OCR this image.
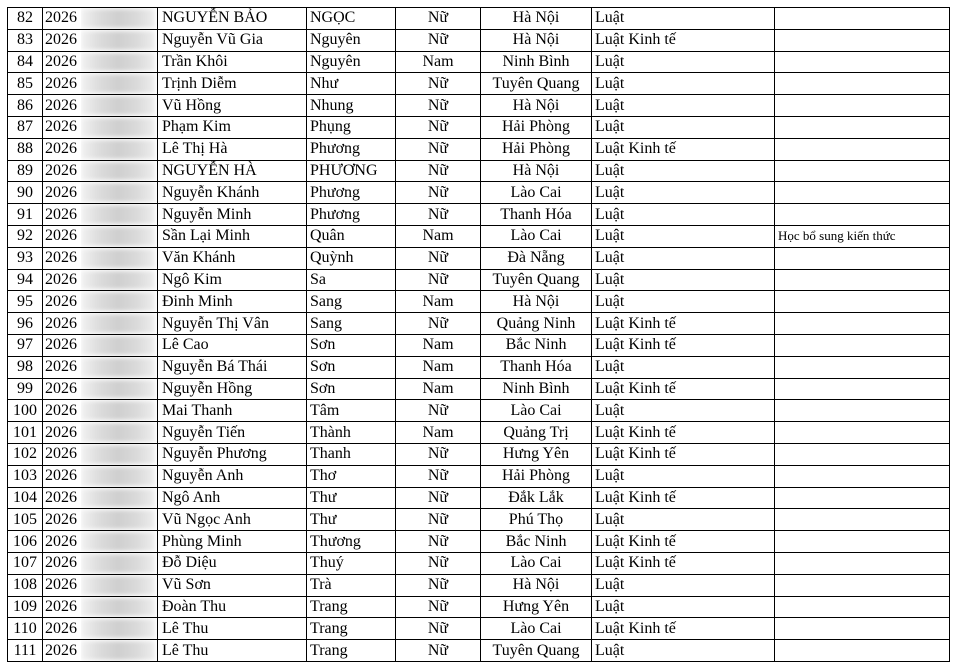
82	2026		NGUYỄN BẢO	NGỌC	Nữ	Hà Nội	Luật	
83	2026		Nguyễn Vũ Gia	Nguyên	Nữ	Hà Nội	Luật Kinh tế	
84	2026		Trần Khôi	Nguyên	Nam	Ninh Bình	Luật	
85	2026		Trịnh Diễm	Như	Nữ	Tuyên Quang	Luật	
86	2026		Vũ Hồng	Nhung	Nữ	Hà Nội	Luật	
87	2026		Phạm Kim	Phụng	Nữ	Hải Phòng	Luật	
88	2026		Lê Thị Hà	Phương	Nữ	Hải Phòng	Luật Kinh tế	
89	2026		NGUYỄN HÀ	PHƯƠNG	Nữ	Hà Nội	Luật	
90	2026		Nguyễn Khánh	Phương	Nữ	Lào Cai	Luật	
91	2026		Nguyễn Minh	Phương	Nữ	Thanh Hóa	Luật	
92	2026		Sần Lại Minh	Quân	Nam	Lào Cai	Luật	Học bổ sung kiến thức
93	2026		Văn Khánh	Quỳnh	Nữ	Đà Nẵng	Luật	
94	2026		Ngô Kim	Sa	Nữ	Tuyên Quang	Luật	
95	2026		Đinh Minh	Sang	Nam	Hà Nội	Luật	
96	2026		Nguyễn Thị Vân	Sang	Nữ	Quảng Ninh	Luật Kinh tế	
97	2026		Lê Cao	Sơn	Nam	Bắc Ninh	Luật Kinh tế	
98	2026		Nguyễn Bá Thái	Sơn	Nam	Thanh Hóa	Luật	
99	2026		Nguyễn Hồng	Sơn	Nam	Ninh Bình	Luật Kinh tế	
100	2026		Mai Thanh	Tâm	Nữ	Lào Cai	Luật	
101	2026		Nguyễn Tiến	Thành	Nam	Quảng Trị	Luật Kinh tế	
102	2026		Nguyễn Phương	Thanh	Nữ	Hưng Yên	Luật Kinh tế	
103	2026		Nguyễn Anh	Thơ	Nữ	Hải Phòng	Luật	
104	2026		Ngô Anh	Thư	Nữ	Đắk Lắk	Luật Kinh tế	
105	2026		Vũ Ngọc Anh	Thư	Nữ	Phú Thọ	Luật	
106	2026		Phùng Minh	Thương	Nữ	Bắc Ninh	Luật Kinh tế	
107	2026		Đỗ Diệu	Thuý	Nữ	Lào Cai	Luật Kinh tế	
108	2026		Vũ Sơn	Trà	Nữ	Hà Nội	Luật	
109	2026		Đoàn Thu	Trang	Nữ	Hưng Yên	Luật	
110	2026		Lê Thu	Trang	Nữ	Lào Cai	Luật Kinh tế	
111	2026		Lê Thu	Trang	Nữ	Tuyên Quang	Luật	
